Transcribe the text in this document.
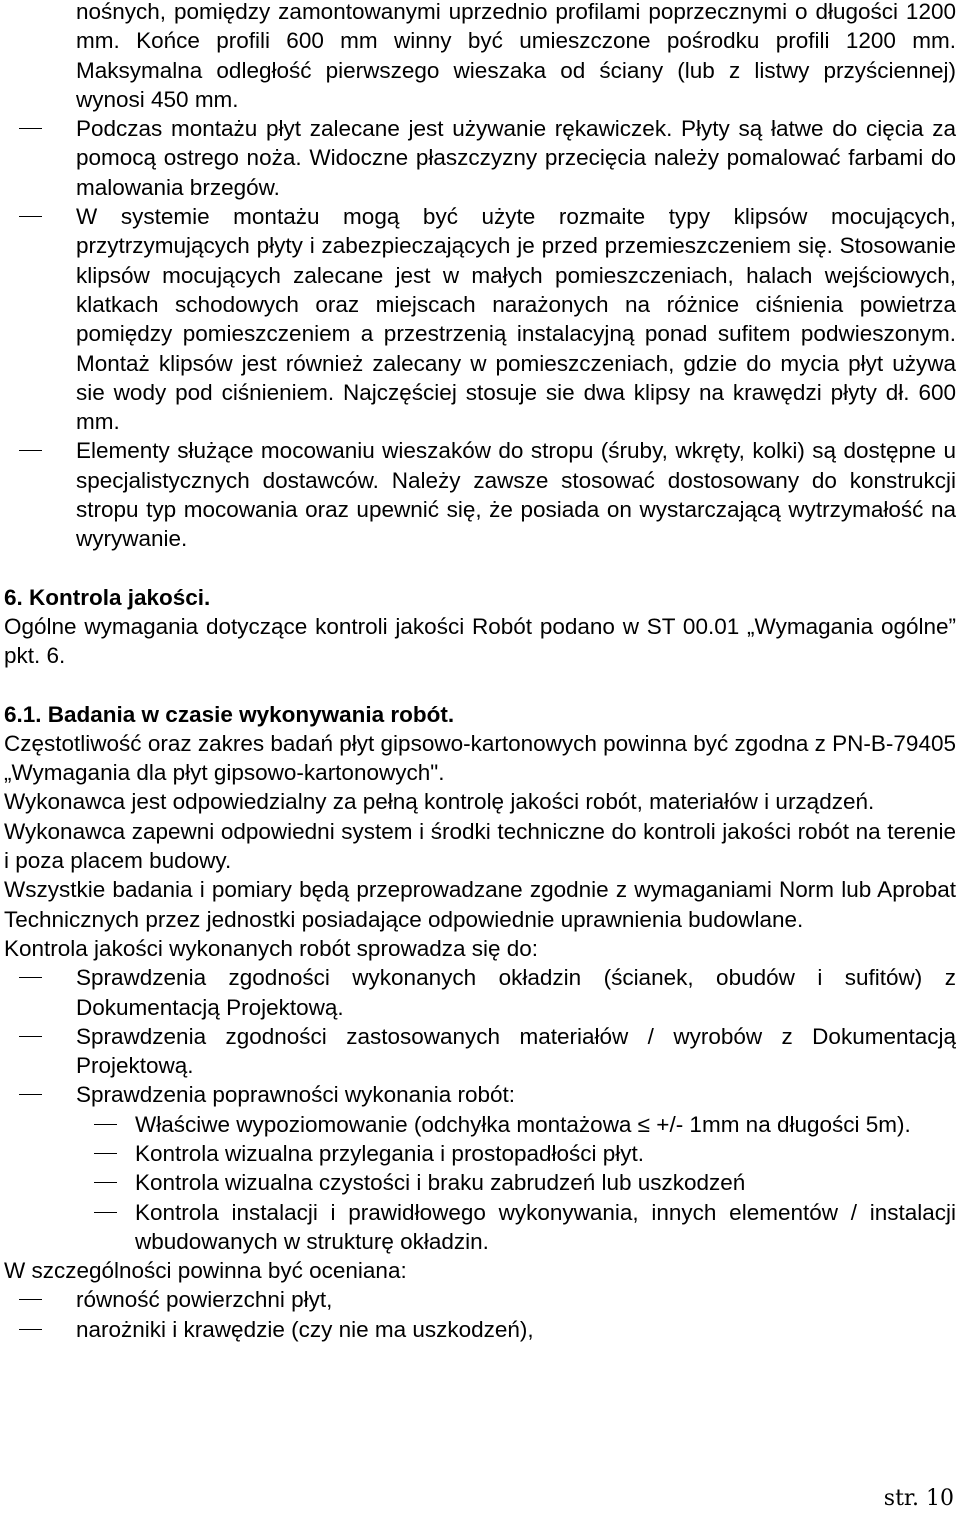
nośnych, pomiędzy zamontowanymi uprzednio profilami poprzecznymi o długości 1200 mm. Końce profili 600 mm winny być umieszczone pośrodku profili 1200 mm. Maksymalna odległość pierwszego wieszaka od ściany (lub z listwy przyściennej) wynosi 450 mm.
Podczas montażu płyt zalecane jest używanie rękawiczek. Płyty są łatwe do cięcia za pomocą ostrego noża. Widoczne płaszczyzny przecięcia należy pomalować farbami do malowania brzegów.
W systemie montażu mogą być użyte rozmaite typy klipsów mocujących, przytrzymujących płyty i zabezpieczających je przed przemieszczeniem się. Stosowanie klipsów mocujących zalecane jest w małych pomieszczeniach, halach wejściowych, klatkach schodowych oraz miejscach narażonych na różnice ciśnienia powietrza pomiędzy pomieszczeniem a przestrzenią instalacyjną ponad sufitem podwieszonym. Montaż klipsów jest również zalecany w pomieszczeniach, gdzie do mycia płyt używa sie wody pod ciśnieniem. Najczęściej stosuje sie dwa klipsy na krawędzi płyty dł. 600 mm.
Elementy służące mocowaniu wieszaków do stropu (śruby, wkręty, kolki) są dostępne u specjalistycznych dostawców. Należy zawsze stosować dostosowany do konstrukcji stropu typ mocowania oraz upewnić się, że posiada on wystarczającą wytrzymałość na wyrywanie.
6. Kontrola jakości.
Ogólne wymagania dotyczące kontroli jakości Robót podano w ST 00.01 „Wymagania ogólne” pkt. 6.
6.1. Badania w czasie wykonywania robót.
Częstotliwość oraz zakres badań płyt gipsowo-kartonowych powinna być zgodna z PN-B-79405 „Wymagania dla płyt gipsowo-kartonowych".
Wykonawca jest odpowiedzialny za pełną kontrolę jakości robót, materiałów i urządzeń.
Wykonawca zapewni odpowiedni system i środki techniczne do kontroli jakości robót na terenie i poza placem budowy.
Wszystkie badania i pomiary będą przeprowadzane zgodnie z wymaganiami Norm lub Aprobat Technicznych przez jednostki posiadające odpowiednie uprawnienia budowlane.
Kontrola jakości wykonanych robót sprowadza się do:
Sprawdzenia zgodności wykonanych okładzin (ścianek, obudów i sufitów) z Dokumentacją Projektową.
Sprawdzenia zgodności zastosowanych materiałów / wyrobów z Dokumentacją Projektową.
Sprawdzenia poprawności wykonania robót:
Właściwe wypoziomowanie (odchyłka montażowa ≤ +/- 1mm na długości 5m).
Kontrola wizualna przylegania i prostopadłości płyt.
Kontrola wizualna czystości i braku zabrudzeń lub uszkodzeń
Kontrola instalacji i prawidłowego wykonywania, innych elementów / instalacji wbudowanych w strukturę okładzin.
W szczególności powinna być oceniana:
równość powierzchni płyt,
narożniki i krawędzie (czy nie ma uszkodzeń),
str. 10
